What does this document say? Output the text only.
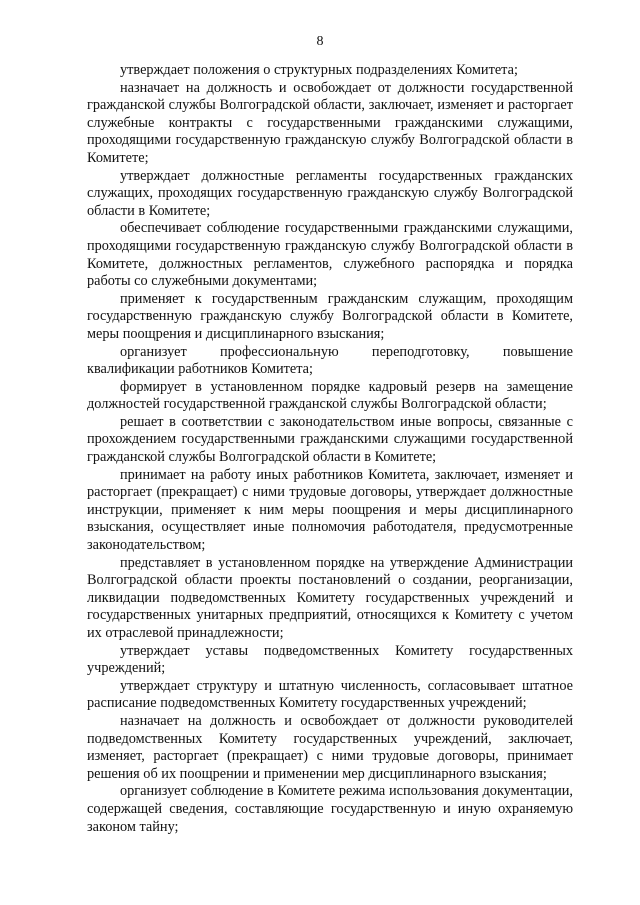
8

утверждает положения о структурных подразделениях Комитета;

назначает на должность и освобождает от должности государственной гражданской службы Волгоградской области, заключает, изменяет и расторгает служебные контракты с государственными гражданскими служащими, проходящими государственную гражданскую службу Волгоградской области в Комитете;

утверждает должностные регламенты государственных гражданских служащих, проходящих государственную гражданскую службу Волгоградской области в Комитете;

обеспечивает соблюдение государственными гражданскими служащими, проходящими государственную гражданскую службу Волгоградской области в Комитете, должностных регламентов, служебного распорядка и порядка работы со служебными документами;

применяет к государственным гражданским служащим, проходящим государственную гражданскую службу Волгоградской области в Комитете, меры поощрения и дисциплинарного взыскания;

организует профессиональную переподготовку, повышение квалификации работников Комитета;

формирует в установленном порядке кадровый резерв на замещение должностей государственной гражданской службы Волгоградской области;

решает в соответствии с законодательством иные вопросы, связанные с прохождением государственными гражданскими служащими государственной гражданской службы Волгоградской области в Комитете;

принимает на работу иных работников Комитета, заключает, изменяет и расторгает (прекращает) с ними трудовые договоры, утверждает должностные инструкции, применяет к ним меры поощрения и меры дисциплинарного взыскания, осуществляет иные полномочия работодателя, предусмотренные законодательством;

представляет в установленном порядке на утверждение Администрации Волгоградской области проекты постановлений о создании, реорганизации, ликвидации подведомственных Комитету государственных учреждений и государственных унитарных предприятий, относящихся к Комитету с учетом их отраслевой принадлежности;

утверждает уставы подведомственных Комитету государственных учреждений;

утверждает структуру и штатную численность, согласовывает штатное расписание подведомственных Комитету государственных учреждений;

назначает на должность и освобождает от должности руководителей подведомственных Комитету государственных учреждений, заключает, изменяет, расторгает (прекращает) с ними трудовые договоры, принимает решения об их поощрении и применении мер дисциплинарного взыскания;

организует соблюдение в Комитете режима использования документации, содержащей сведения, составляющие государственную и иную охраняемую законом тайну;
